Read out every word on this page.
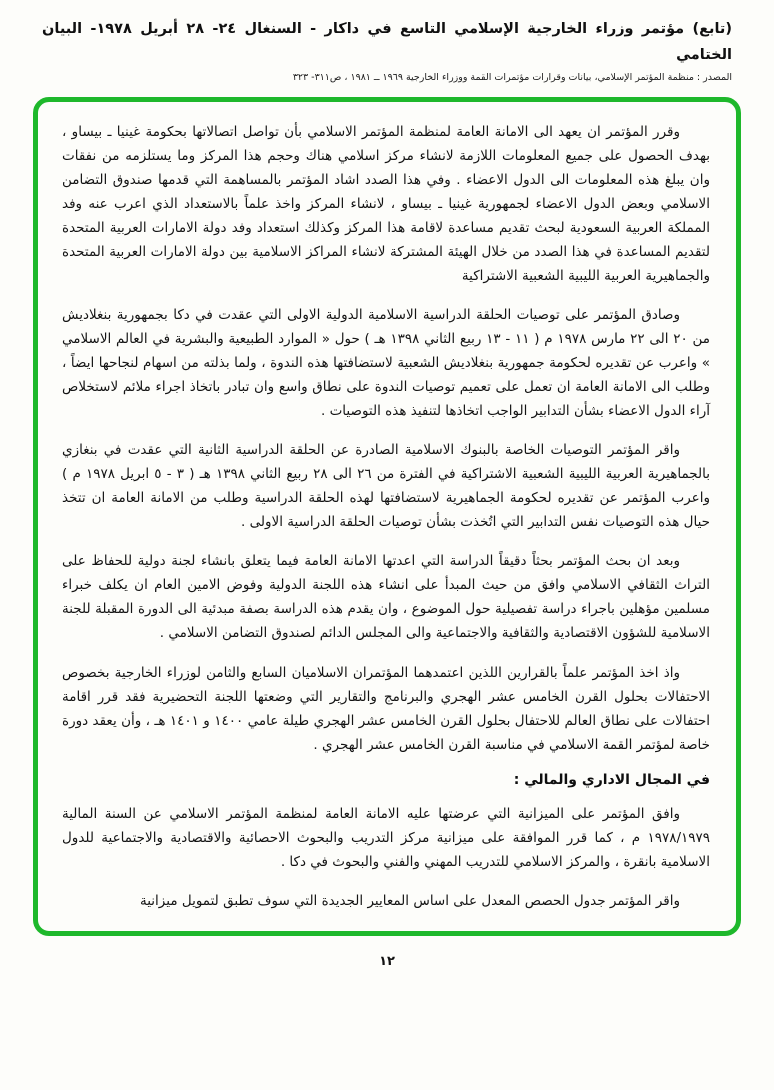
(تابع) مؤتمر وزراء الخارجية الإسلامي التاسع في داكار - السنغال ٢٤- ٢٨ أبريل ١٩٧٨- البيان الختامي
المصدر : منظمة المؤتمر الإسلامي، بيانات وقرارات مؤتمرات القمة ووزراء الخارجية ١٩٦٩ ــ ١٩٨١ ، ص٣١١- ٣٢٣

وقرر المؤتمر ان يعهد الى الامانة العامة لمنظمة المؤتمر الاسلامي بأن تواصل اتصالاتها بحكومة غينيا ـ بيساو ، بهدف الحصول على جميع المعلومات اللازمة لانشاء مركز اسلامي هناك وحجم هذا المركز وما يستلزمه من نفقات وان يبلغ هذه المعلومات الى الدول الاعضاء . وفي هذا الصدد اشاد المؤتمر بالمساهمة التي قدمها صندوق التضامن الاسلامي وبعض الدول الاعضاء لجمهورية غينيا ـ بيساو ، لانشاء المركز واخذ علماً بالاستعداد الذي اعرب عنه وفد المملكة العربية السعودية لبحث تقديم مساعدة لاقامة هذا المركز وكذلك استعداد وفد دولة الامارات العربية المتحدة لتقديم المساعدة في هذا الصدد من خلال الهيئة المشتركة لانشاء المراكز الاسلامية بين دولة الامارات العربية المتحدة والجماهيرية العربية الليبية الشعبية الاشتراكية

وصادق المؤتمر على توصيات الحلقة الدراسية الاسلامية الدولية الاولى التي عقدت في دكا بجمهورية بنغلاديش من ٢٠ الى ٢٢ مارس ١٩٧٨ م ( ١١ - ١٣ ربيع الثاني ١٣٩٨ هـ ) حول « الموارد الطبيعية والبشرية في العالم الاسلامي » واعرب عن تقديره لحكومة جمهورية بنغلاديش الشعبية لاستضافتها هذه الندوة ، ولما بذلته من اسهام لنجاحها ايضاً ، وطلب الى الامانة العامة ان تعمل على تعميم توصيات الندوة على نطاق واسع وان تبادر باتخاذ اجراء ملائم لاستخلاص آراء الدول الاعضاء بشأن التدابير الواجب اتخاذها لتنفيذ هذه التوصيات .

واقر المؤتمر التوصيات الخاصة بالبنوك الاسلامية الصادرة عن الحلقة الدراسية الثانية التي عقدت في بنغازي بالجماهيرية العربية الليبية الشعبية الاشتراكية في الفترة من ٢٦ الى ٢٨ ربيع الثاني ١٣٩٨ هـ ( ٣ - ٥ ابريل ١٩٧٨ م ) واعرب المؤتمر عن تقديره لحكومة الجماهيرية لاستضافتها لهذه الحلقة الدراسية وطلب من الامانة العامة ان تتخذ حيال هذه التوصيات نفس التدابير التي اتُخذت بشأن توصيات الحلقة الدراسية الاولى .

وبعد ان بحث المؤتمر بحثاً دقيقاً الدراسة التي اعدتها الامانة العامة فيما يتعلق بانشاء لجنة دولية للحفاظ على التراث الثقافي الاسلامي وافق من حيث المبدأ على انشاء هذه اللجنة الدولية وفوض الامين العام ان يكلف خبراء مسلمين مؤهلين باجراء دراسة تفصيلية حول الموضوع ، وان يقدم هذه الدراسة بصفة مبدئية الى الدورة المقبلة للجنة الاسلامية للشؤون الاقتصادية والثقافية والاجتماعية والى المجلس الدائم لصندوق التضامن الاسلامي .

واذ اخذ المؤتمر علماً بالقرارين اللذين اعتمدهما المؤتمران الاسلاميان السابع والثامن لوزراء الخارجية بخصوص الاحتفالات بحلول القرن الخامس عشر الهجري والبرنامج والتقارير التي وضعتها اللجنة التحضيرية فقد قرر اقامة احتفالات على نطاق العالم للاحتفال بحلول القرن الخامس عشر الهجري طيلة عامي ١٤٠٠ و ١٤٠١ هـ ، وأن يعقد دورة خاصة لمؤتمر القمة الاسلامي في مناسبة القرن الخامس عشر الهجري .

في المجال الاداري والمالي :

وافق المؤتمر على الميزانية التي عرضتها عليه الامانة العامة لمنظمة المؤتمر الاسلامي عن السنة المالية ١٩٧٨/١٩٧٩ م ، كما قرر الموافقة على ميزانية مركز التدريب والبحوث الاحصائية والاقتصادية والاجتماعية للدول الاسلامية بانقرة ، والمركز الاسلامي للتدريب المهني والفني والبحوث في دكا .

واقر المؤتمر جدول الحصص المعدل على اساس المعايير الجديدة التي سوف تطبق لتمويل ميزانية

١٢
